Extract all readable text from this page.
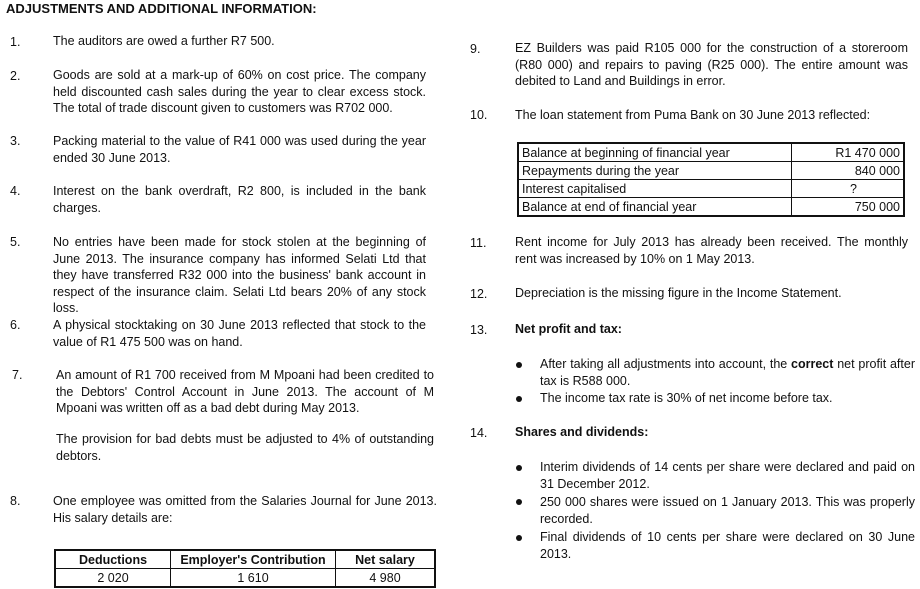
ADJUSTMENTS AND ADDITIONAL INFORMATION:
1.	The auditors are owed a further R7 500.
2.	Goods are sold at a mark-up of 60% on cost price. The company held discounted cash sales during the year to clear excess stock. The total of trade discount given to customers was R702 000.
3.	Packing material to the value of R41 000 was used during the year ended 30 June 2013.
4.	Interest on the bank overdraft, R2 800, is included in the bank charges.
5.	No entries have been made for stock stolen at the beginning of June 2013. The insurance company has informed Selati Ltd that they have transferred R32 000 into the business' bank account in respect of the insurance claim. Selati Ltd bears 20% of any stock loss.
6.	A physical stocktaking on 30 June 2013 reflected that stock to the value of R1 475 500 was on hand.
7.	An amount of R1 700 received from M Mpoani had been credited to the Debtors' Control Account in June 2013. The account of M Mpoani was written off as a bad debt during May 2013.
The provision for bad debts must be adjusted to 4% of outstanding debtors.
8.	One employee was omitted from the Salaries Journal for June 2013. His salary details are:
Deductions	Employer's Contribution	Net salary
2 020	1 610	4 980
9.	EZ Builders was paid R105 000 for the construction of a storeroom (R80 000) and repairs to paving (R25 000). The entire amount was debited to Land and Buildings in error.
10. The loan statement from Puma Bank on 30 June 2013 reflected:
Balance at beginning of financial year	R1 470 000
Repayments during the year	840 000
Interest capitalised	?
Balance at end of financial year	750 000
11. Rent income for July 2013 has already been received. The monthly rent was increased by 10% on 1 May 2013.
12. Depreciation is the missing figure in the Income Statement.
13. Net profit and tax:
After taking all adjustments into account, the correct net profit after tax is R588 000.
The income tax rate is 30% of net income before tax.
14. Shares and dividends:
Interim dividends of 14 cents per share were declared and paid on 31 December 2012.
250 000 shares were issued on 1 January 2013. This was properly recorded.
Final dividends of 10 cents per share were declared on 30 June 2013.
